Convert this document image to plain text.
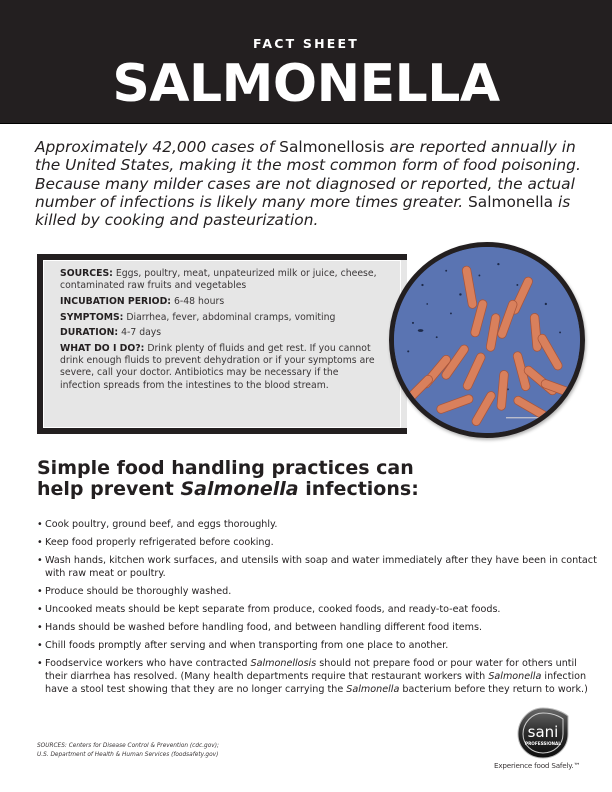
FACT SHEET
SALMONELLA
Approximately 42,000 cases of Salmonellosis are reported annually in the United States, making it the most common form of food poisoning. Because many milder cases are not diagnosed or reported, the actual number of infections is likely many more times greater. Salmonella is killed by cooking and pasteurization.

SOURCES: Eggs, poultry, meat, unpateurized milk or juice, cheese, contaminated raw fruits and vegetables

INCUBATION PERIOD: 6-48 hours

SYMPTOMS: Diarrhea, fever, abdominal cramps, vomiting

DURATION: 4-7 days

WHAT DO I DO?: Drink plenty of fluids and get rest. If you cannot drink enough fluids to prevent dehydration or if your symptoms are severe, call your doctor. Antibiotics may be necessary if the infection spreads from the intestines to the blood stream.

Simple food handling practices can help prevent Salmonella infections:
• Cook poultry, ground beef, and eggs thoroughly.
• Keep food properly refrigerated before cooking.
• Wash hands, kitchen work surfaces, and utensils with soap and water immediately after they have been in contact with raw meat or poultry.
• Produce should be thoroughly washed.
• Uncooked meats should be kept separate from produce, cooked foods, and ready-to-eat foods.
• Hands should be washed before handling food, and between handling different food items.
• Chill foods promptly after serving and when transporting from one place to another.
• Foodservice workers who have contracted Salmonellosis should not prepare food or pour water for others until their diarrhea has resolved. (Many health departments require that restaurant workers with Salmonella infection have a stool test showing that they are no longer carrying the Salmonella bacterium before they return to work.)
SOURCES: Centers for Disease Control & Prevention (cdc.gov);
U.S. Department of Health & Human Services (foodsafety.gov)
sani
PROFESSIONAL
Experience food Safely.™
